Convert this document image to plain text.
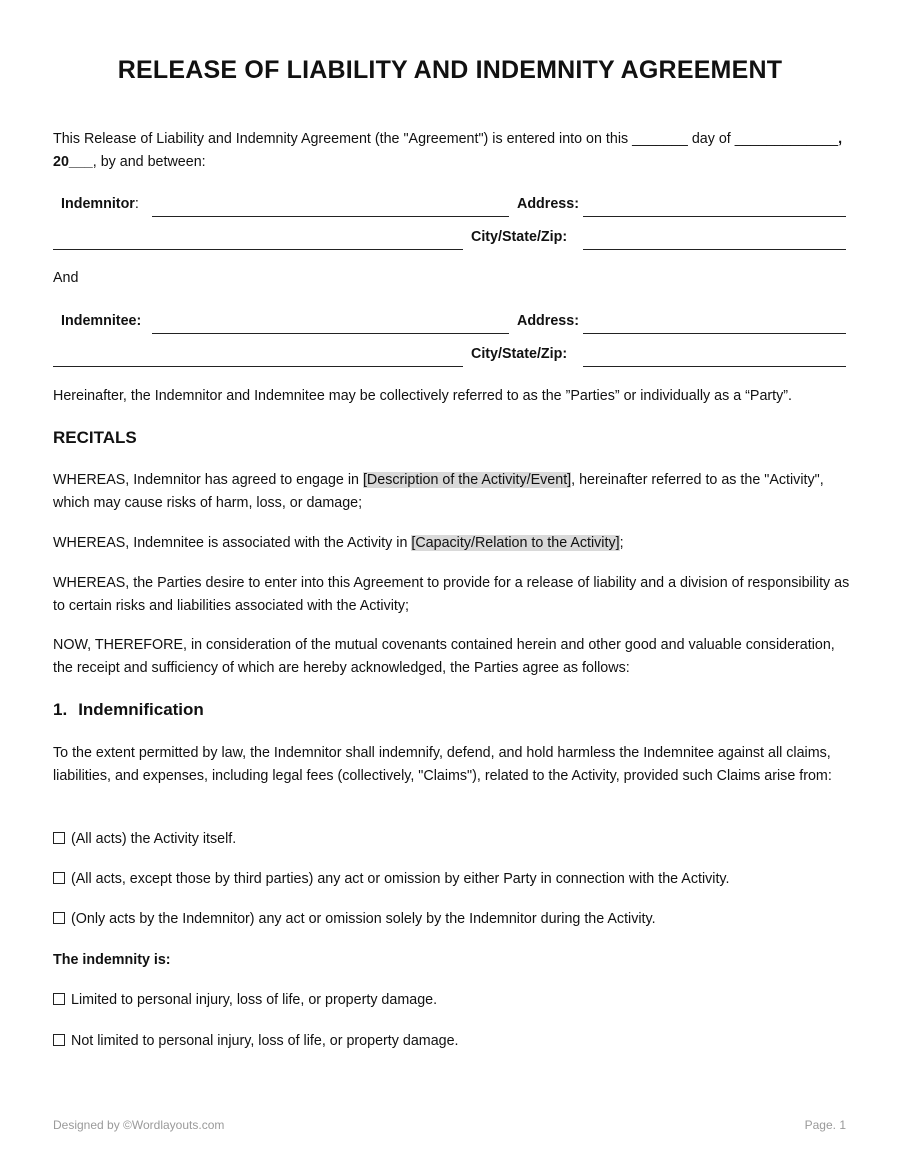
RELEASE OF LIABILITY AND INDEMNITY AGREEMENT
This Release of Liability and Indemnity Agreement (the "Agreement") is entered into on this _______ day of _____________,
20___, by and between:
Indemnitor:	Address:
City/State/Zip:
And
Indemnitee:	Address:
City/State/Zip:
Hereinafter, the Indemnitor and Indemnitee may be collectively referred to as the ”Parties” or individually as a “Party”.
RECITALS
WHEREAS, Indemnitor has agreed to engage in [Description of the Activity/Event], hereinafter referred to as the "Activity", which may cause risks of harm, loss, or damage;
WHEREAS, Indemnitee is associated with the Activity in [Capacity/Relation to the Activity];
WHEREAS, the Parties desire to enter into this Agreement to provide for a release of liability and a division of responsibility as to certain risks and liabilities associated with the Activity;
NOW, THEREFORE, in consideration of the mutual covenants contained herein and other good and valuable consideration, the receipt and sufficiency of which are hereby acknowledged, the Parties agree as follows:
1. Indemnification
To the extent permitted by law, the Indemnitor shall indemnify, defend, and hold harmless the Indemnitee against all claims, liabilities, and expenses, including legal fees (collectively, "Claims"), related to the Activity, provided such Claims arise from:
(All acts) the Activity itself.
(All acts, except those by third parties) any act or omission by either Party in connection with the Activity.
(Only acts by the Indemnitor) any act or omission solely by the Indemnitor during the Activity.
The indemnity is:
Limited to personal injury, loss of life, or property damage.
Not limited to personal injury, loss of life, or property damage.
Designed by ©Wordlayouts.com	Page. 1
